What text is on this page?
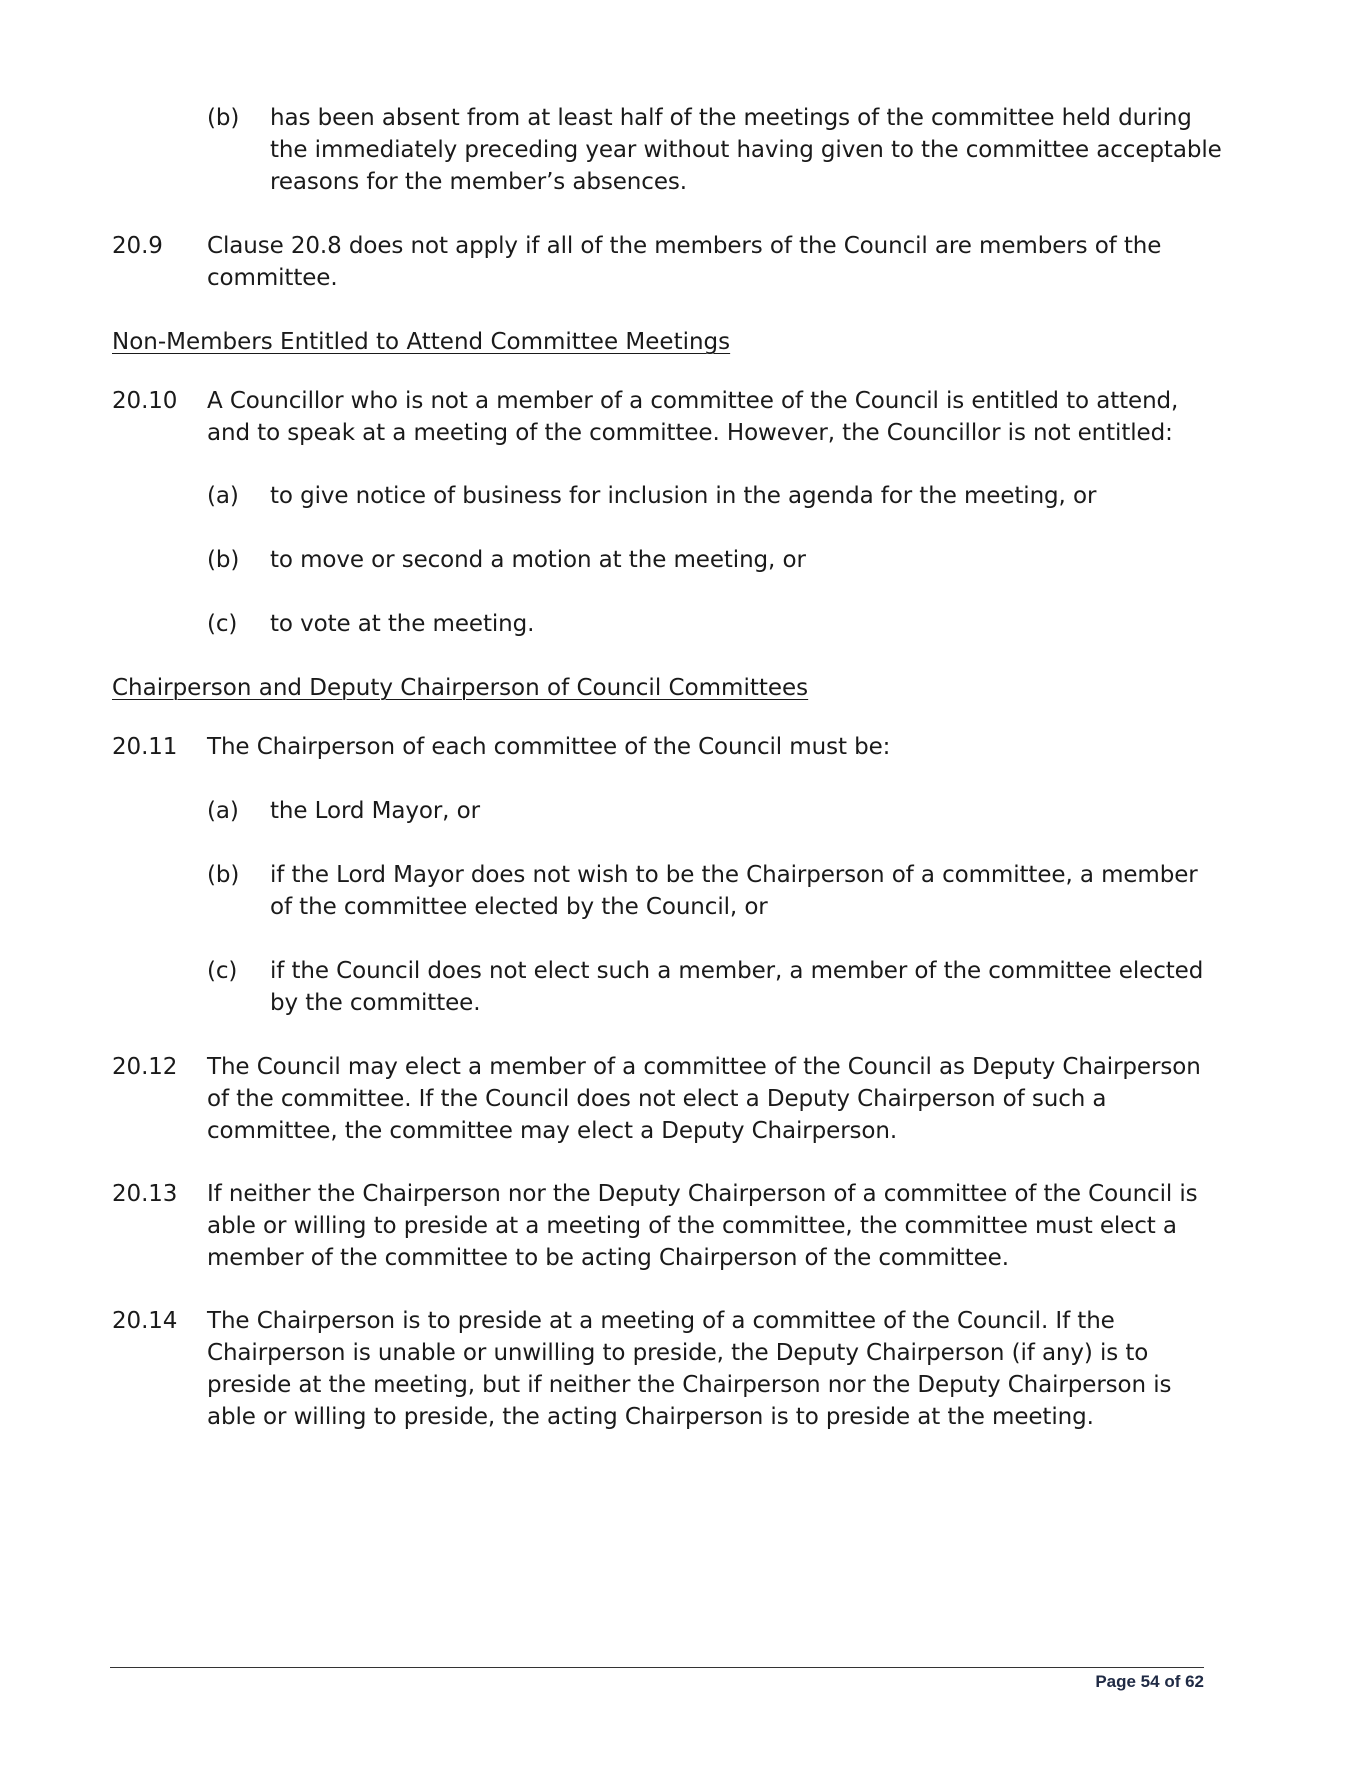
(b) has been absent from at least half of the meetings of the committee held during the immediately preceding year without having given to the committee acceptable reasons for the member’s absences.
20.9 Clause 20.8 does not apply if all of the members of the Council are members of the committee.
Non-Members Entitled to Attend Committee Meetings
20.10 A Councillor who is not a member of a committee of the Council is entitled to attend, and to speak at a meeting of the committee. However, the Councillor is not entitled:
(a) to give notice of business for inclusion in the agenda for the meeting, or
(b) to move or second a motion at the meeting, or
(c) to vote at the meeting.
Chairperson and Deputy Chairperson of Council Committees
20.11 The Chairperson of each committee of the Council must be:
(a) the Lord Mayor, or
(b) if the Lord Mayor does not wish to be the Chairperson of a committee, a member of the committee elected by the Council, or
(c) if the Council does not elect such a member, a member of the committee elected by the committee.
20.12 The Council may elect a member of a committee of the Council as Deputy Chairperson of the committee. If the Council does not elect a Deputy Chairperson of such a committee, the committee may elect a Deputy Chairperson.
20.13 If neither the Chairperson nor the Deputy Chairperson of a committee of the Council is able or willing to preside at a meeting of the committee, the committee must elect a member of the committee to be acting Chairperson of the committee.
20.14 The Chairperson is to preside at a meeting of a committee of the Council. If the Chairperson is unable or unwilling to preside, the Deputy Chairperson (if any) is to preside at the meeting, but if neither the Chairperson nor the Deputy Chairperson is able or willing to preside, the acting Chairperson is to preside at the meeting.
Page 54 of 62
